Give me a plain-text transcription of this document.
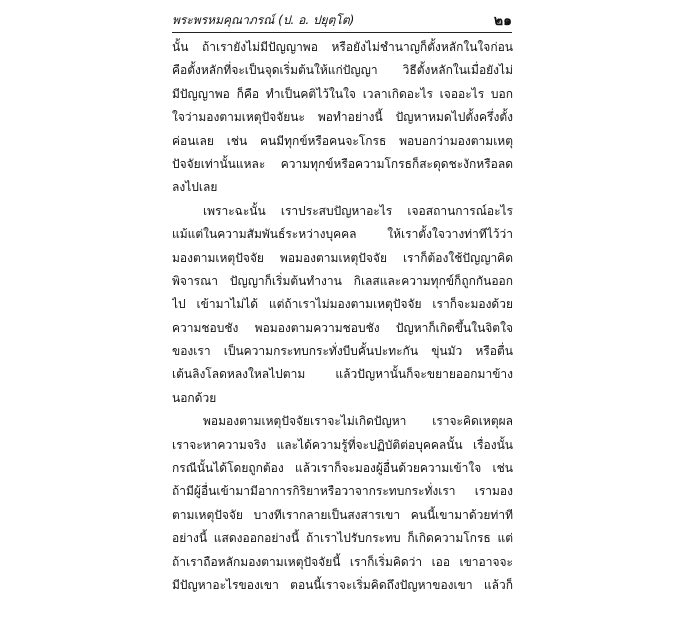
พระพรหมคุณาภรณ์ (ป. อ. ปยุตฺโต)	๒๑
นั้น ถ้าเรายังไม่มีปัญญาพอ หรือยังไม่ชำนาญก็ตั้งหลักในใจก่อน
คือตั้งหลักที่จะเป็นจุดเริ่มต้นให้แก่ปัญญา วิธีตั้งหลักในเมื่อยังไม่
มีปัญญาพอ ก็คือ ทำเป็นคติไว้ในใจ เวลาเกิดอะไร เจออะไร บอก
ใจว่ามองตามเหตุปัจจัยนะ พอทำอย่างนี้ ปัญหาหมดไปตั้งครึ่งตั้ง
ค่อนเลย เช่น คนมีทุกข์หรือคนจะโกรธ พอบอกว่ามองตามเหตุ
ปัจจัยเท่านั้นแหละ ความทุกข์หรือความโกรธก็สะดุดชะงักหรือลด
ลงไปเลย
เพราะฉะนั้น เราประสบปัญหาอะไร เจอสถานการณ์อะไร
แม้แต่ในความสัมพันธ์ระหว่างบุคคล ให้เราตั้งใจวางท่าทีไว้ว่า
มองตามเหตุปัจจัย พอมองตามเหตุปัจจัย เราก็ต้องใช้ปัญญาคิด
พิจารณา ปัญญาก็เริ่มต้นทำงาน กิเลสและความทุกข์ก็ถูกกันออก
ไป เข้ามาไม่ได้ แต่ถ้าเราไม่มองตามเหตุปัจจัย เราก็จะมองด้วย
ความชอบชัง พอมองตามความชอบชัง ปัญหาก็เกิดขึ้นในจิตใจ
ของเรา เป็นความกระทบกระทั่งบีบคั้นปะทะกัน ขุ่นมัว หรือตื่น
เต้นลิงโลดหลงใหลไปตาม แล้วปัญหานั้นก็จะขยายออกมาข้าง
นอกด้วย
พอมองตามเหตุปัจจัยเราจะไม่เกิดปัญหา เราจะคิดเหตุผล
เราจะหาความจริง และได้ความรู้ที่จะปฏิบัติต่อบุคคลนั้น เรื่องนั้น
กรณีนั้นได้โดยถูกต้อง แล้วเราก็จะมองผู้อื่นด้วยความเข้าใจ เช่น
ถ้ามีผู้อื่นเข้ามามีอาการกิริยาหรือวาจากระทบกระทั่งเรา เรามอง
ตามเหตุปัจจัย บางทีเรากลายเป็นสงสารเขา คนนี้เขามาด้วยท่าที
อย่างนี้ แสดงออกอย่างนี้ ถ้าเราไปรับกระทบ ก็เกิดความโกรธ แต่
ถ้าเราถือหลักมองตามเหตุปัจจัยนี้ เราก็เริ่มคิดว่า เออ เขาอาจจะ
มีปัญหาอะไรของเขา ตอนนี้เราจะเริ่มคิดถึงปัญหาของเขา แล้วก็
